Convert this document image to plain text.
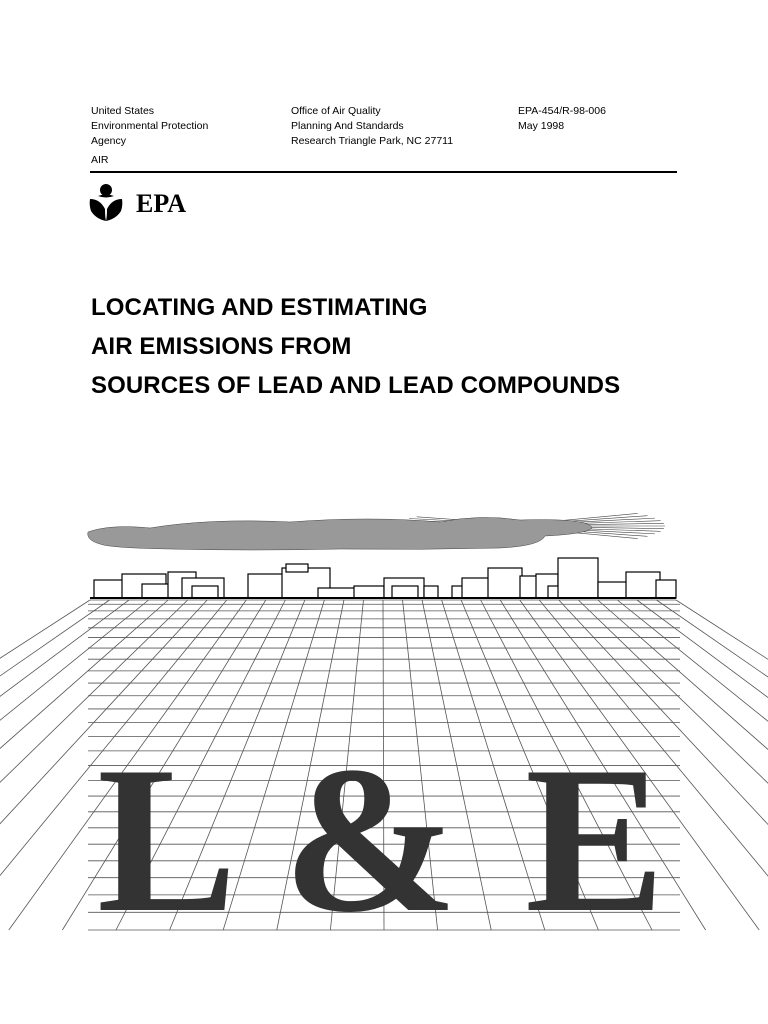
United States
Environmental Protection
Agency
Office of Air Quality
Planning And Standards
Research Triangle Park, NC 27711
EPA-454/R-98-006
May 1998
AIR
EPA
LOCATING AND ESTIMATING
AIR EMISSIONS FROM
SOURCES OF LEAD AND LEAD COMPOUNDS
L & E
